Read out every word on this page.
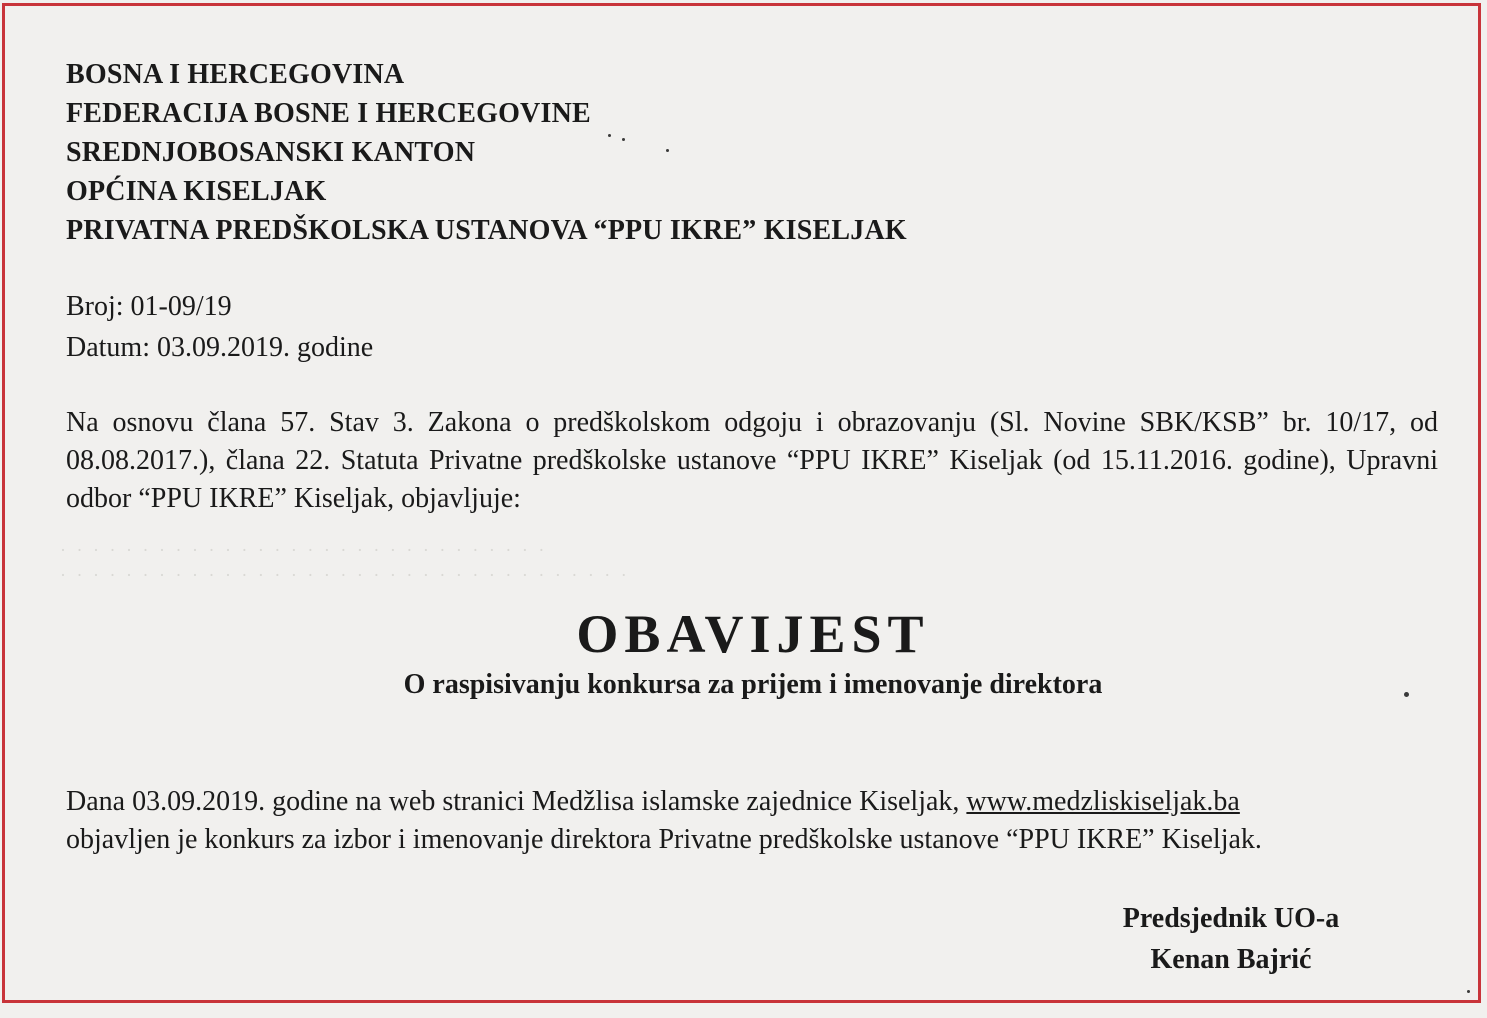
· · · · · · · · · · · · · · · · · · · · · · · · · · · · · ·
· · · · · · · · · · · · · · · · · · · · · · · · · · · · · · · · · · ·
BOSNA I HERCEGOVINA
FEDERACIJA BOSNE I HERCEGOVINE
SREDNJOBOSANSKI KANTON
OPĆINA KISELJAK
PRIVATNA PREDŠKOLSKA USTANOVA “PPU IKRE” KISELJAK
Broj: 01-09/19
Datum: 03.09.2019. godine
Na osnovu člana 57. Stav 3. Zakona o predškolskom odgoju i obrazovanju (Sl. Novine SBK/KSB” br. 10/17, od 08.08.2017.), člana 22. Statuta Privatne predškolske ustanove “PPU IKRE” Kiseljak (od 15.11.2016. godine), Upravni odbor “PPU IKRE” Kiseljak, objavljuje:
OBAVIJEST
O raspisivanju konkursa za prijem i imenovanje direktora
Dana 03.09.2019. godine na web stranici Medžlisa islamske zajednice Kiseljak, www.medzliskiseljak.ba
objavljen je konkurs za izbor i imenovanje direktora Privatne predškolske ustanove “PPU IKRE” Kiseljak.
Predsjednik UO-a
Kenan Bajrić
